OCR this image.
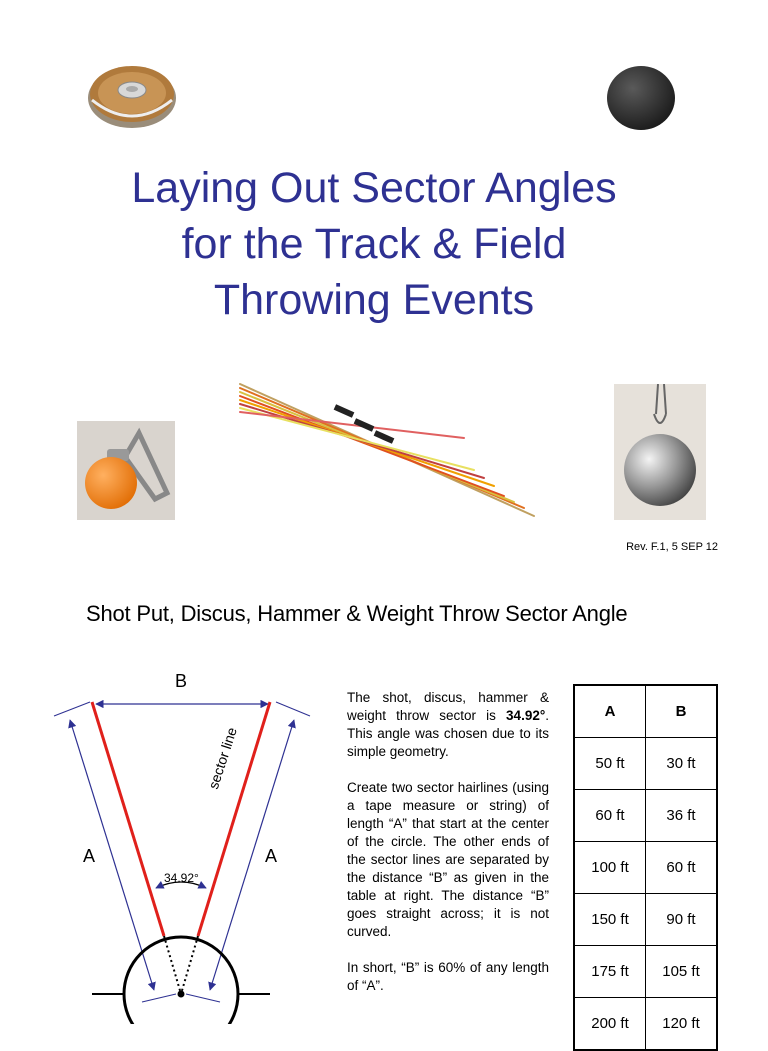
Laying Out Sector Angles
for the Track & Field
Throwing Events
Rev. F.1, 5 SEP 12
Shot Put, Discus, Hammer & Weight Throw Sector Angle
B
A	A
34.92°
sector line

The shot, discus, hammer & weight throw sector is 34.92°. This angle was chosen due to its simple geometry.

Create two sector hairlines (using a tape measure or string) of length “A” that start at the center of the circle. The other ends of the sector lines are separated by the distance “B” as given in the table at right. The distance “B” goes straight across; it is not curved.

In short, “B” is 60% of any length of “A”.

A	B
50 ft	30 ft
60 ft	36 ft
100 ft	60 ft
150 ft	90 ft
175 ft	105 ft
200 ft	120 ft
